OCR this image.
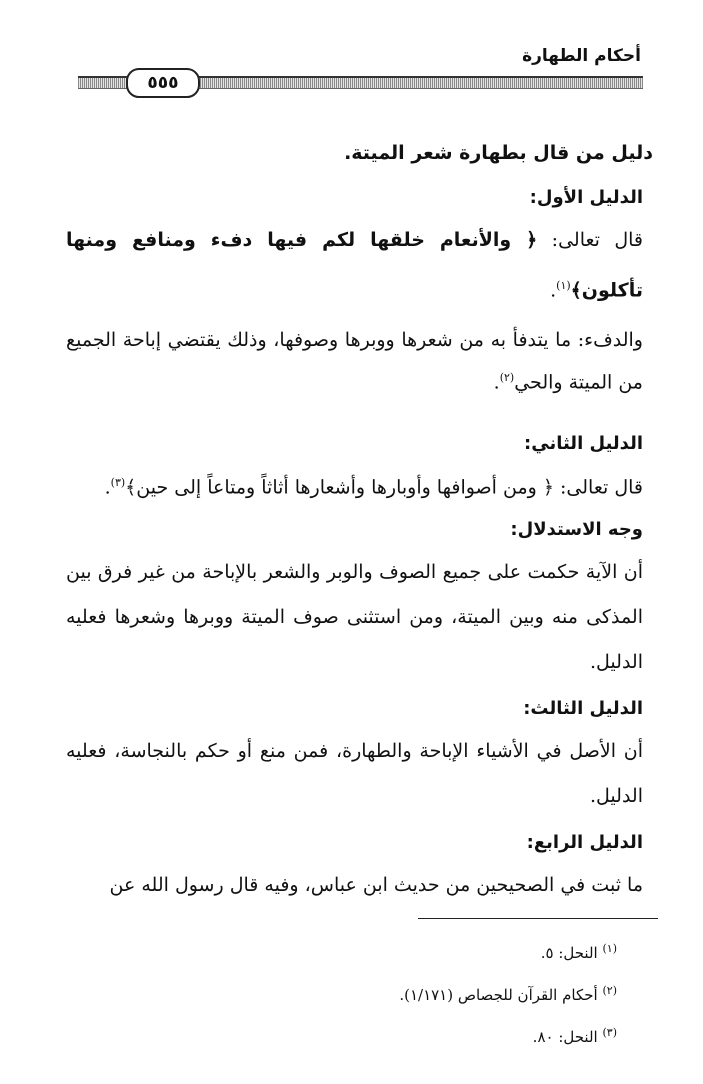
أحكام الطهارة
٥٥٥
دليل من قال بطهارة شعر الميتة.
الدليل الأول:

قال تعالى: ﴿ والأنعام خلقها لكم فيها دفء ومنافع ومنها تأكلون﴾$^{(١)}$.

والدفء: ما يتدفأ به من شعرها ووبرها وصوفها، وذلك يقتضي إباحة الجميع من الميتة والحي$^{(٢)}$.

الدليل الثاني:

قال تعالى: ﴿ ومن أصوافها وأوبارها وأشعارها أثاثاً ومتاعاً إلى حين﴾$^{(٣)}$.

وجه الاستدلال:

أن الآية حكمت على جميع الصوف والوبر والشعر بالإباحة من غير فرق بين المذكى منه وبين الميتة، ومن استثنى صوف الميتة ووبرها وشعرها فعليه الدليل.

الدليل الثالث:

أن الأصل في الأشياء الإباحة والطهارة، فمن منع أو حكم بالنجاسة، فعليه الدليل.

الدليل الرابع:

ما ثبت في الصحيحين من حديث ابن عباس، وفيه قال رسول الله عن

$^{(١)}$ النحل: ٥.
$^{(٢)}$ أحكام القرآن للجصاص (١/١٧١).
$^{(٣)}$ النحل: ٨٠.
